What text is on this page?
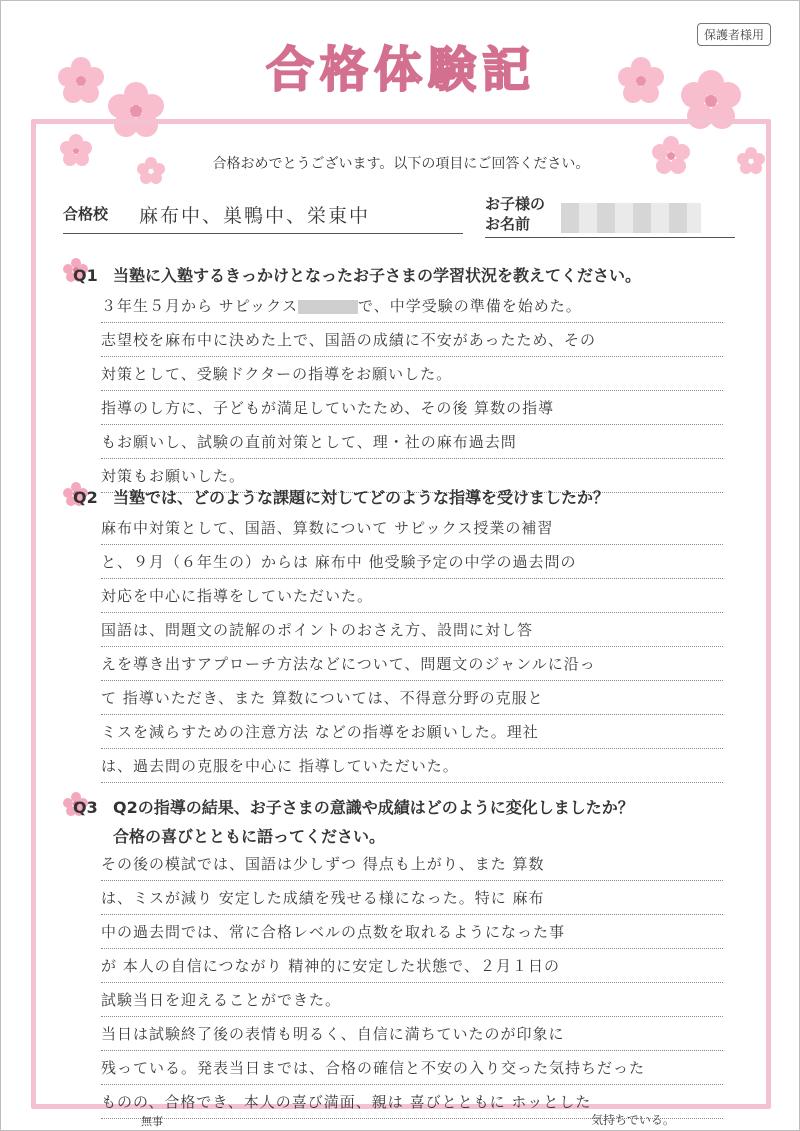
保護者様用
合格体験記
合格おめでとうございます。以下の項目にご回答ください。
合格校 麻布中、巣鴨中、栄東中
お子様の
お名前
Q1 当塾に入塾するきっかけとなったお子さまの学習状況を教えてください。
３年生５月から サピックス	で、中学受験の準備を始めた。
志望校を麻布中に決めた上で、国語の成績に不安があったため、その
対策として、受験ドクターの指導をお願いした。
指導のし方に、子どもが満足していたため、その後 算数の指導
もお願いし、試験の直前対策として、理・社の麻布過去問
対策もお願いした。
Q2 当塾では、どのような課題に対してどのような指導を受けましたか？
麻布中対策として、国語、算数について サピックス授業の補習
と、９月（６年生の）からは 麻布中 他受験予定の中学の過去問の
対応を中心に指導をしていただいた。
国語は、問題文の読解のポイントのおさえ方、設問に対し答
えを導き出すアプローチ方法などについて、問題文のジャンルに沿っ
て 指導いただき、また 算数については、不得意分野の克服と
ミスを減らすための注意方法 などの指導をお願いした。理社
は、過去問の克服を中心に 指導していただいた。
Q3 Q2の指導の結果、お子さまの意識や成績はどのように変化しましたか？
合格の喜びとともに語ってください。
その後の模試では、国語は少しずつ 得点も上がり、また 算数
は、ミスが減り 安定した成績を残せる様になった。特に 麻布
中の過去問では、常に合格レベルの点数を取れるようになった事
が 本人の自信につながり 精神的に安定した状態で、２月１日の
試験当日を迎えることができた。
当日は試験終了後の表情も明るく、自信に満ちていたのが印象に
残っている。発表当日までは、合格の確信と不安の入り交った気持ちだった
ものの、合格でき、本人の喜び満面、親は 喜びとともに ホッとした
無事	気持ちでいる。
